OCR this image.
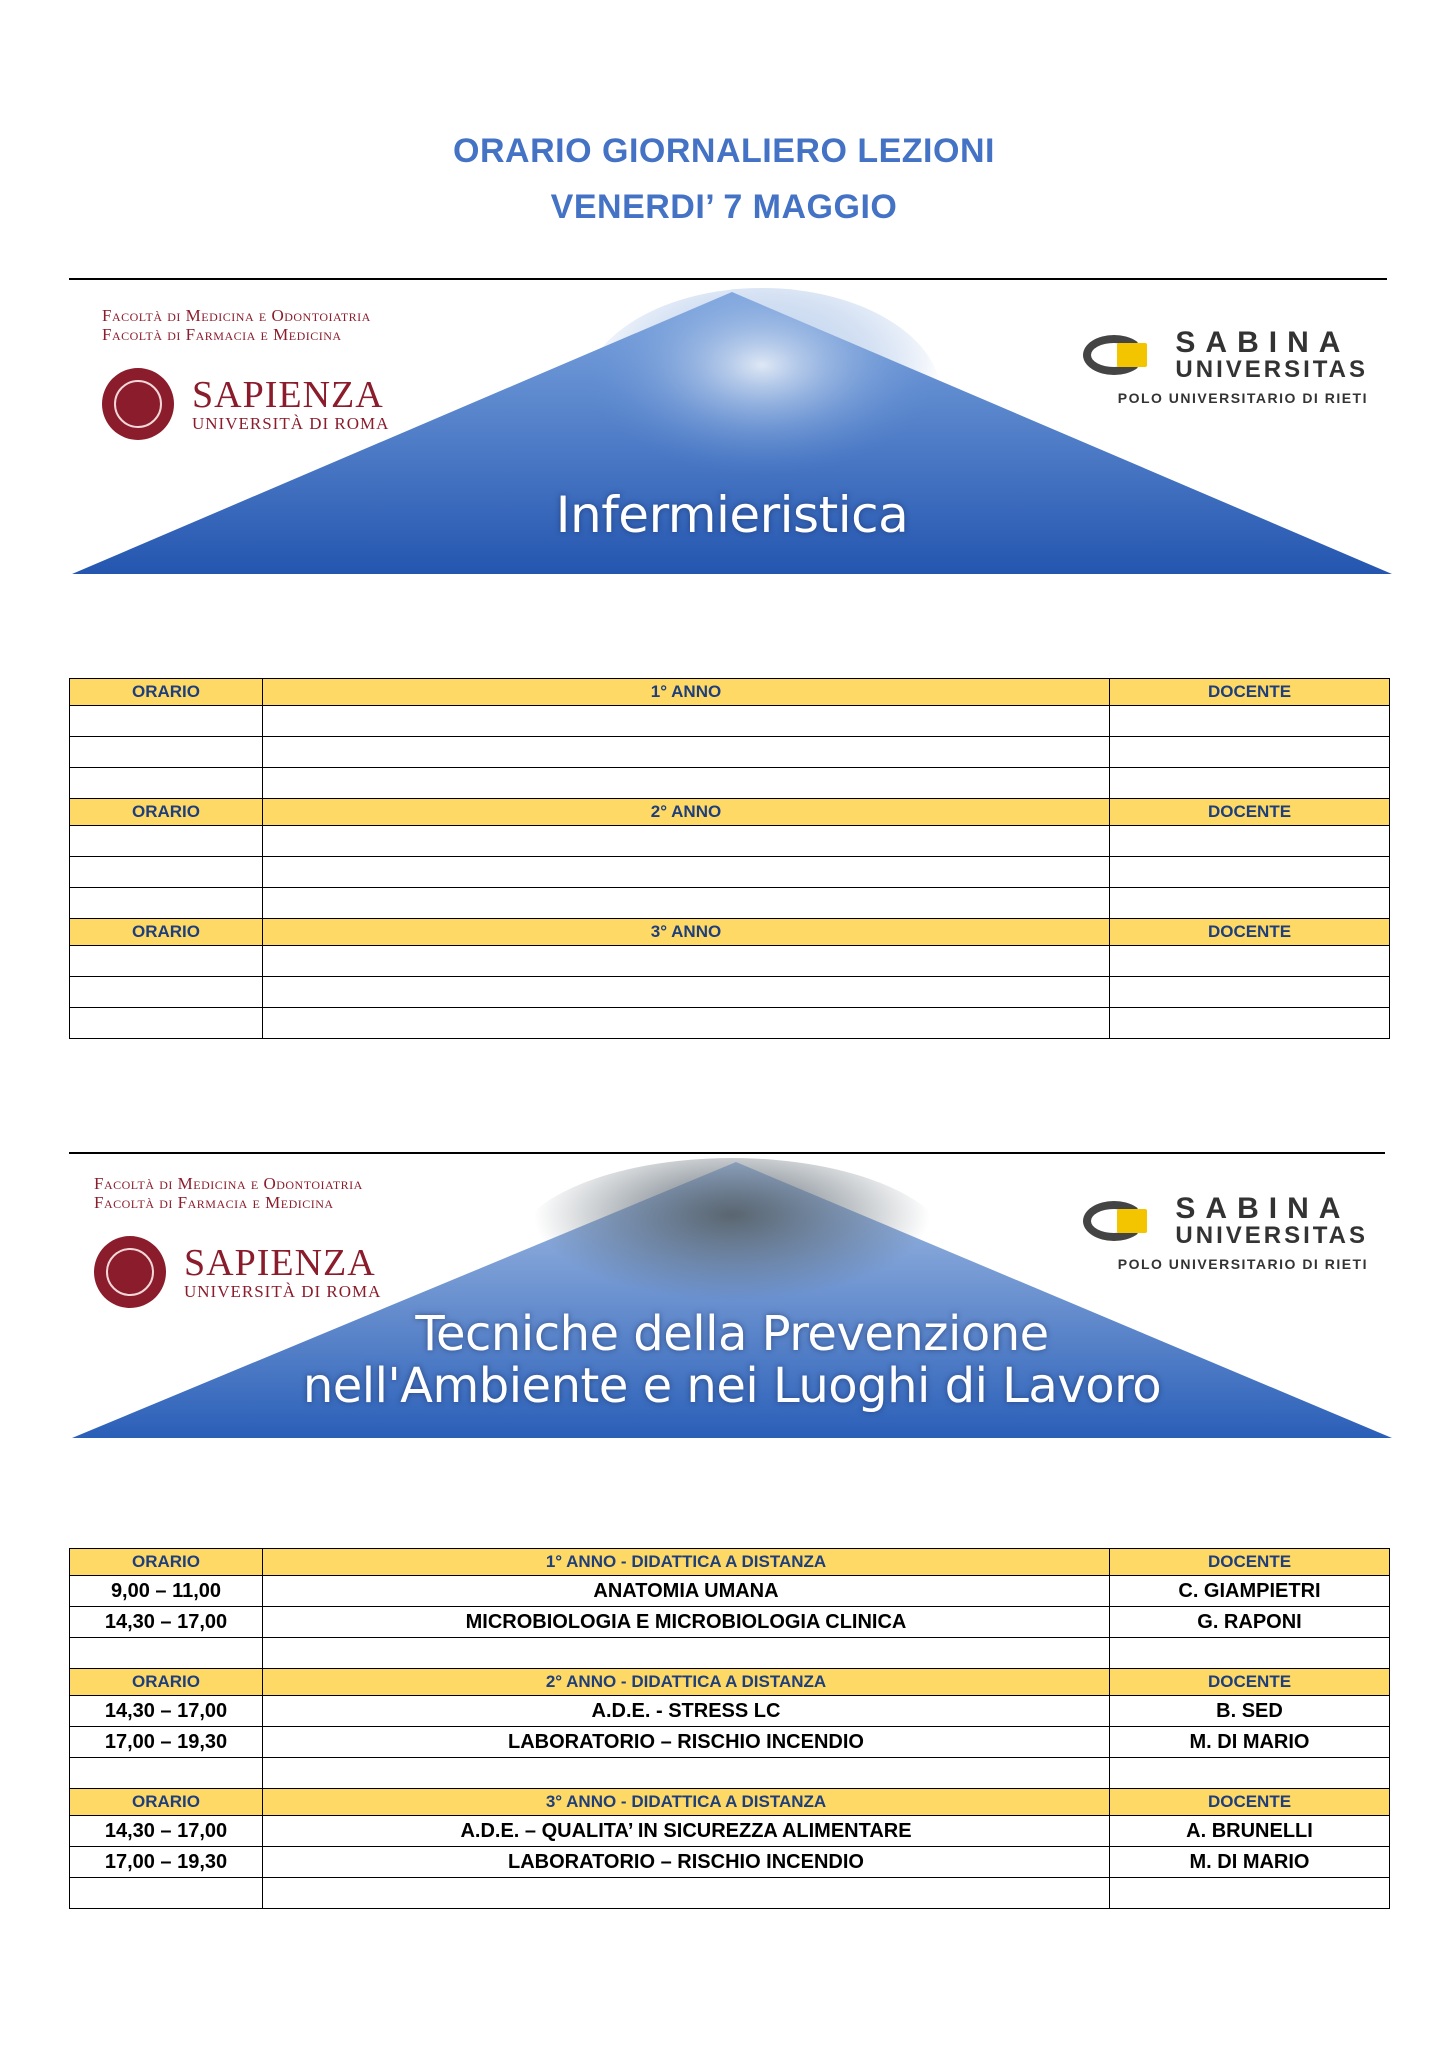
ORARIO GIORNALIERO LEZIONI
VENERDI’ 7 MAGGIO
Facoltà di Medicina e Odontoiatria
Facoltà di Farmacia e Medicina
SAPIENZA
UNIVERSITÀ DI ROMA
SABINA
UNIVERSITAS
POLO UNIVERSITARIO DI RIETI
Infermieristica
ORARIO	1° ANNO	DOCENTE

ORARIO	2° ANNO	DOCENTE

ORARIO	3° ANNO	DOCENTE

Facoltà di Medicina e Odontoiatria
Facoltà di Farmacia e Medicina
SAPIENZA
UNIVERSITÀ DI ROMA
SABINA
UNIVERSITAS
POLO UNIVERSITARIO DI RIETI
Tecniche della Prevenzione
nell'Ambiente e nei Luoghi di Lavoro
ORARIO	1° ANNO - DIDATTICA A DISTANZA	DOCENTE
9,00 – 11,00	ANATOMIA UMANA	C. GIAMPIETRI
14,30 – 17,00	MICROBIOLOGIA E MICROBIOLOGIA CLINICA	G. RAPONI

ORARIO	2° ANNO - DIDATTICA A DISTANZA	DOCENTE
14,30 – 17,00	A.D.E. - STRESS LC	B. SED
17,00 – 19,30	LABORATORIO – RISCHIO INCENDIO	M. DI MARIO

ORARIO	3° ANNO - DIDATTICA A DISTANZA	DOCENTE
14,30 – 17,00	A.D.E. – QUALITA’ IN SICUREZZA ALIMENTARE	A. BRUNELLI
17,00 – 19,30	LABORATORIO – RISCHIO INCENDIO	M. DI MARIO
